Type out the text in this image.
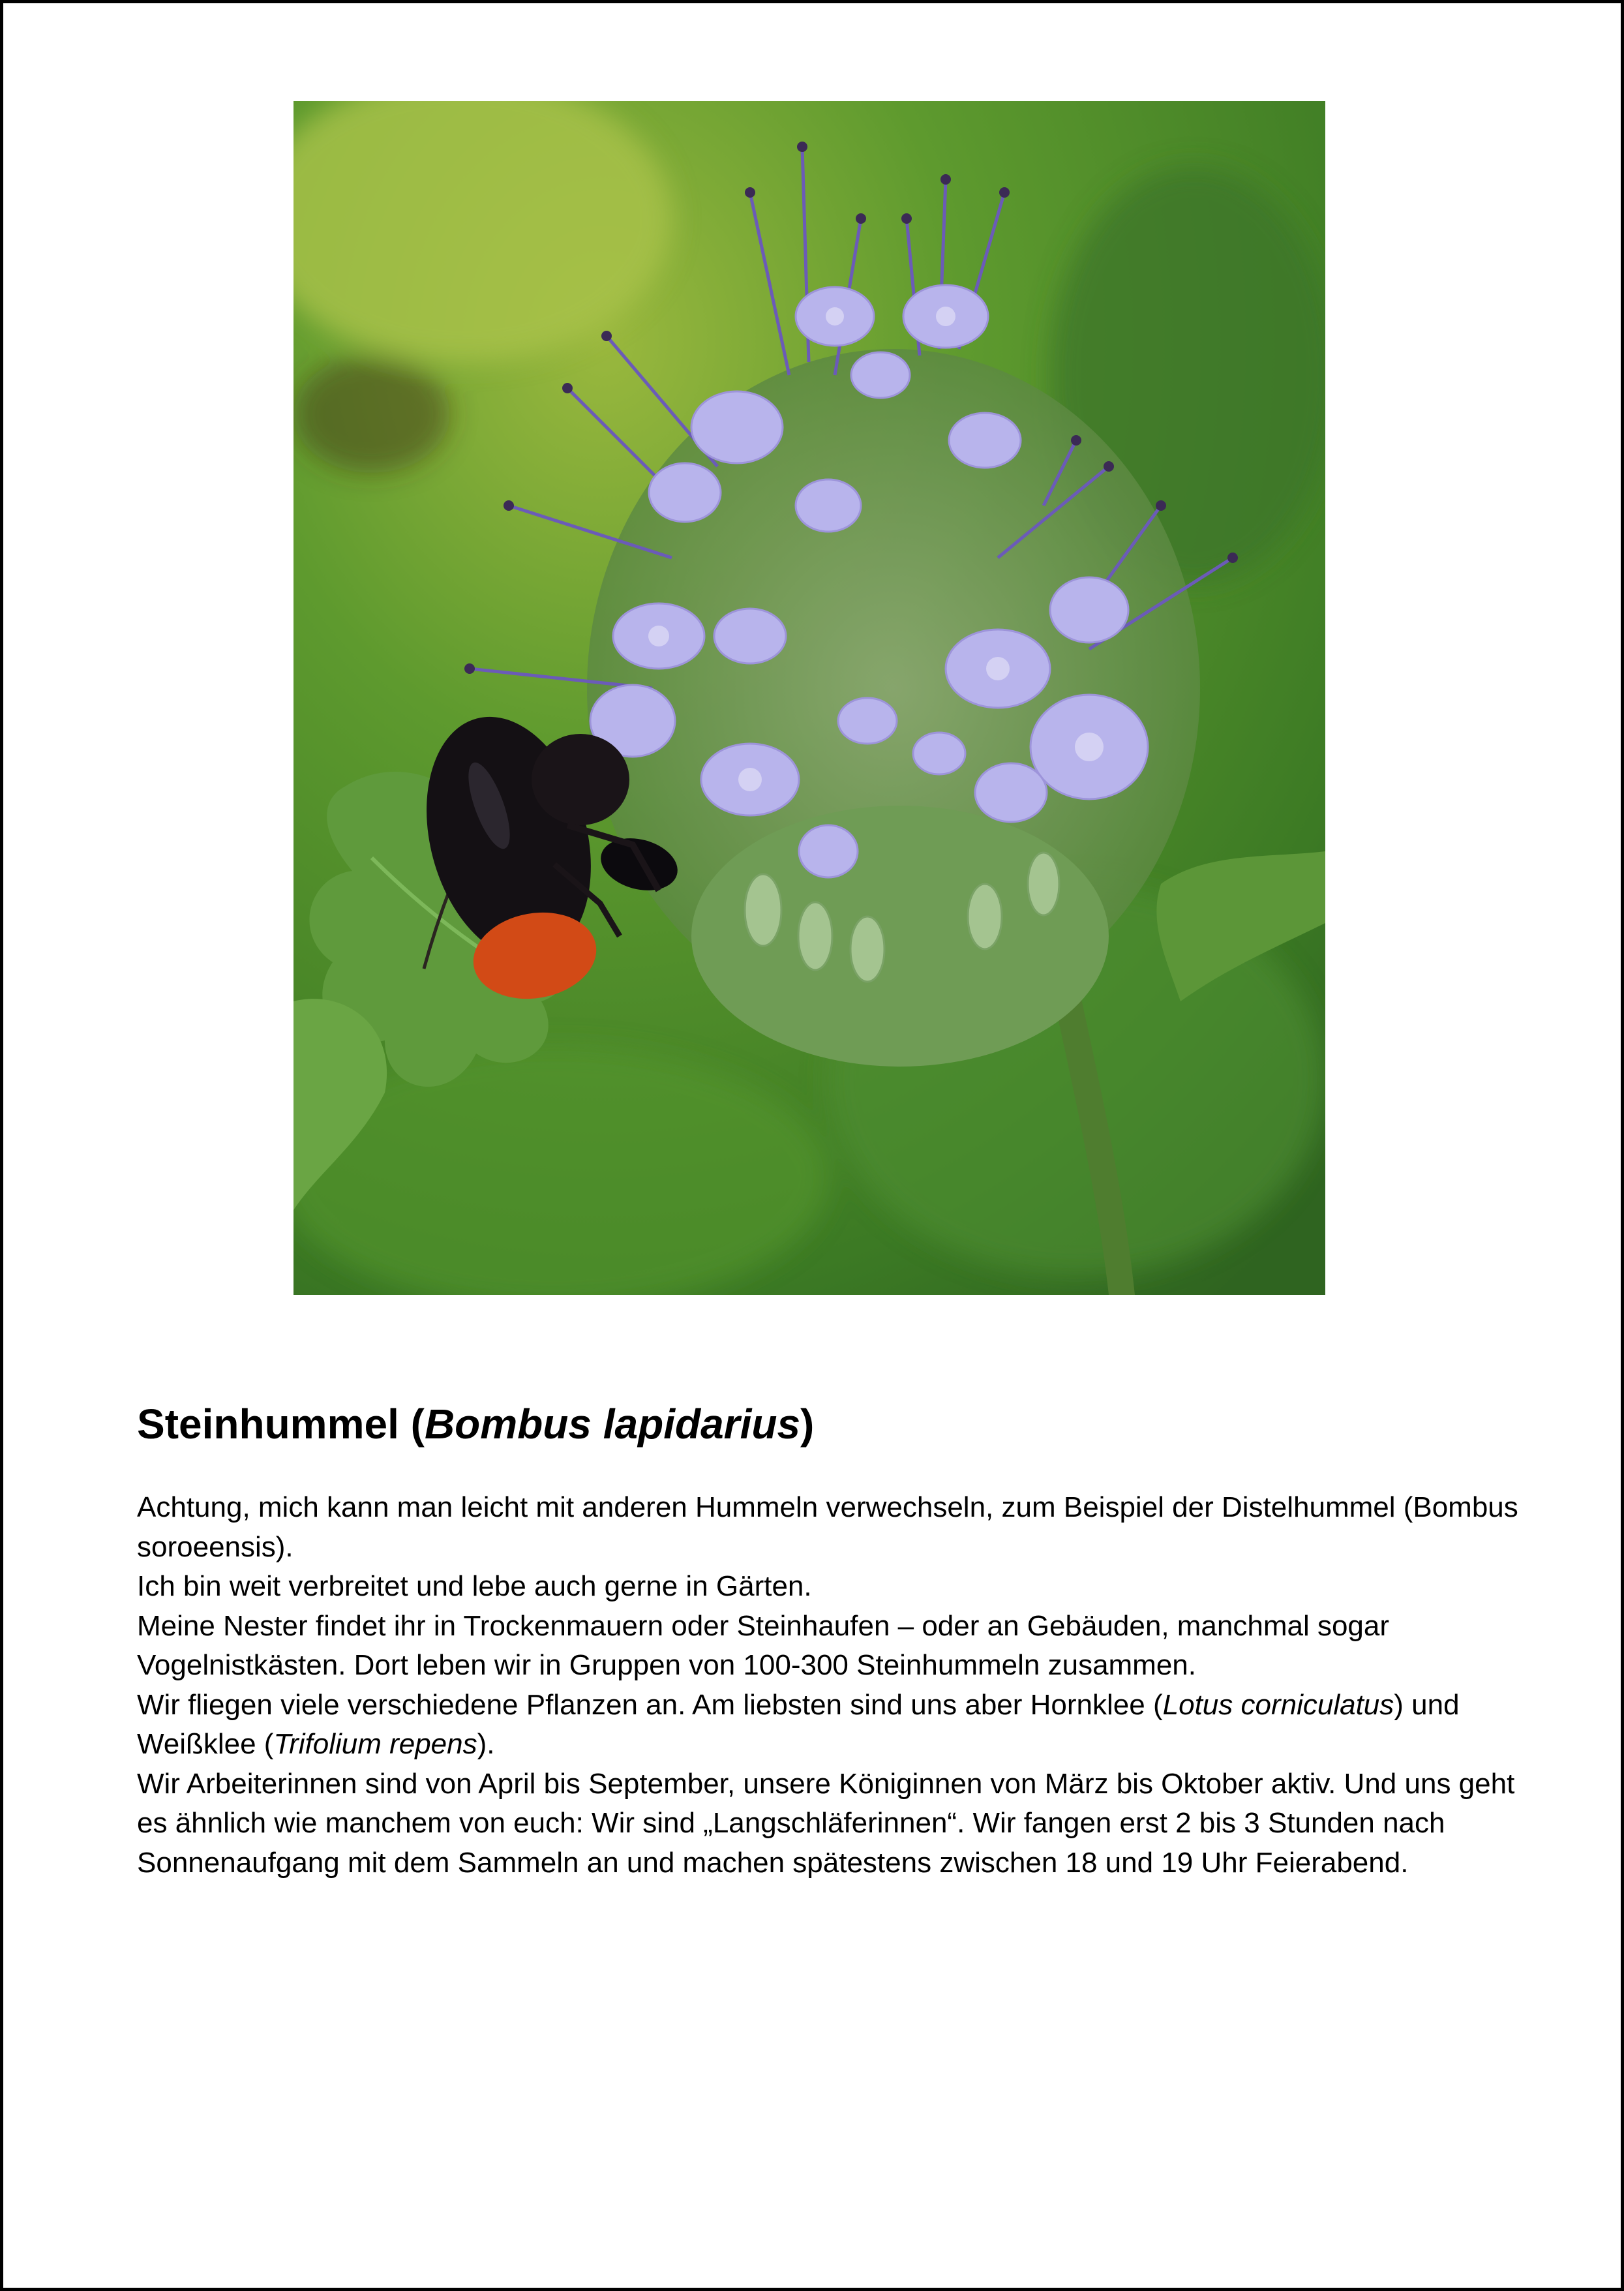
Steinhummel (Bombus lapidarius)

Achtung, mich kann man leicht mit anderen Hummeln verwechseln, zum Beispiel der Distelhummel (Bombus soroeensis).

Ich bin weit verbreitet und lebe auch gerne in Gärten.

Meine Nester findet ihr in Trockenmauern oder Steinhaufen – oder an Gebäuden, manchmal sogar Vogelnistkästen. Dort leben wir in Gruppen von 100-300 Steinhummeln zusammen.

Wir fliegen viele verschiedene Pflanzen an. Am liebsten sind uns aber Hornklee (Lotus corniculatus) und Weißklee (Trifolium repens).

Wir Arbeiterinnen sind von April bis September, unsere Königinnen von März bis Oktober aktiv. Und uns geht es ähnlich wie manchem von euch: Wir sind „Langschläferinnen“. Wir fangen erst 2 bis 3 Stunden nach Sonnenaufgang mit dem Sammeln an und machen spätestens zwischen 18 und 19 Uhr Feierabend.
